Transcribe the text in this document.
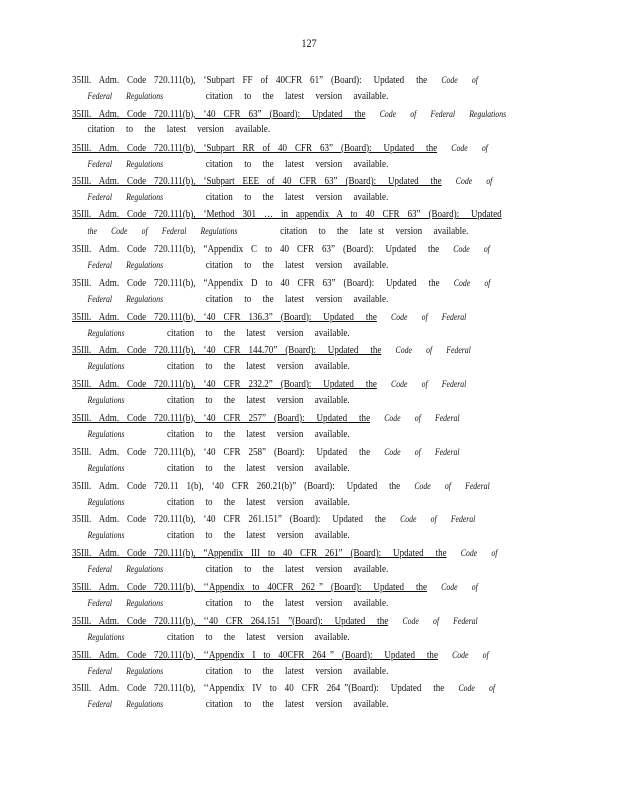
127
35Ill.  Adm.  Code  720.111(b),  ‘Subpart  FF  of  40CFR  61”  (Board):   Updated   the  Code  of
Federal  Regulations      citation  to  the  latest  version  available.
35Ill.  Adm.  Code  720.111(b),  ‘40  CFR  63”  (Board):   Updated   the  Code  of  Federal  Regulations
citation  to  the  latest  version  available.
35Ill.  Adm.  Code  720.111(b),  ‘Subpart  RR  of  40  CFR  63”  (Board):   Updated   the  Code  of
Federal  Regulations      citation  to  the  latest  version  available.
35Ill.  Adm.  Code  720.111(b),  ‘Subpart  EEE  of  40  CFR  63”  (Board):   Updated   the  Code  of
Federal  Regulations      citation  to  the  latest  version  available.
35Ill.  Adm.  Code  720.111(b),  ‘Method  301  …  in  appendix  A  to  40  CFR  63”  (Board):   Updated
the  Code  of  Federal  Regulations      citation  to  the  late st  version  available.
35Ill.  Adm.  Code  720.111(b),  “Appendix  C  to  40  CFR  63”  (Board):   Updated   the  Code  of
Federal  Regulations      citation  to  the  latest  version  available.
35Ill.  Adm.  Code  720.111(b),  “Appendix  D  to  40  CFR  63”  (Board):   Updated   the  Code  of
Federal  Regulations      citation  to  the  latest  version  available.
35Ill.  Adm.  Code  720.111(b),  ‘40  CFR  136.3”  (Board):   Updated   the  Code  of  Federal
Regulations      citation  to  the  latest  version  available.
35Ill.  Adm.  Code  720.111(b),  ‘40  CFR  144.70”  (Board):   Updated   the  Code  of  Federal
Regulations      citation  to  the  latest  version  available.
35Ill.  Adm.  Code  720.111(b),  ‘40  CFR  232.2”  (Board):   Updated   the  Code  of  Federal
Regulations      citation  to  the  latest  version  available.
35Ill.  Adm.  Code  720.111(b),  ‘40  CFR  257”  (Board):   Updated   the  Code  of  Federal
Regulations      citation  to  the  latest  version  available.
35Ill.  Adm.  Code  720.111(b),  ‘40  CFR  258”  (Board):   Updated   the  Code  of  Federal
Regulations      citation  to  the  latest  version  available.
35Ill.  Adm.  Code  720.11  1(b),  ‘40  CFR  260.21(b)”  (Board):   Updated   the  Code  of  Federal
Regulations      citation  to  the  latest  version  available.
35Ill.  Adm.  Code  720.111(b),  ‘40  CFR  261.151”  (Board):   Updated   the  Code  of  Federal
Regulations      citation  to  the  latest  version  available.
35Ill.  Adm.  Code  720.111(b),  “Appendix  III  to  40  CFR  261”  (Board):   Updated   the  Code  of
Federal  Regulations      citation  to  the  latest  version  available.
35Ill.  Adm.  Code  720.111(b),  ‘‘Appendix  to  40CFR  262 ”  (Board):   Updated   the  Code  of
Federal  Regulations      citation  to  the  latest  version  available.
35Ill.  Adm.  Code  720.111(b),  ‘‘40  CFR  264.151  ”(Board):   Updated   the  Code  of  Federal
Regulations      citation  to  the  latest  version  available.
35Ill.  Adm.  Code  720.111(b),  ‘‘Appendix  I  to  40CFR  264 ”  (Board):   Updated   the  Code  of
Federal  Regulations      citation  to  the  latest  version  available.
35Ill.  Adm.  Code  720.111(b),  ‘‘Appendix  IV  to  40  CFR  264 ”(Board):   Updated   the  Code  of
Federal  Regulations      citation  to  the  latest  version  available.
